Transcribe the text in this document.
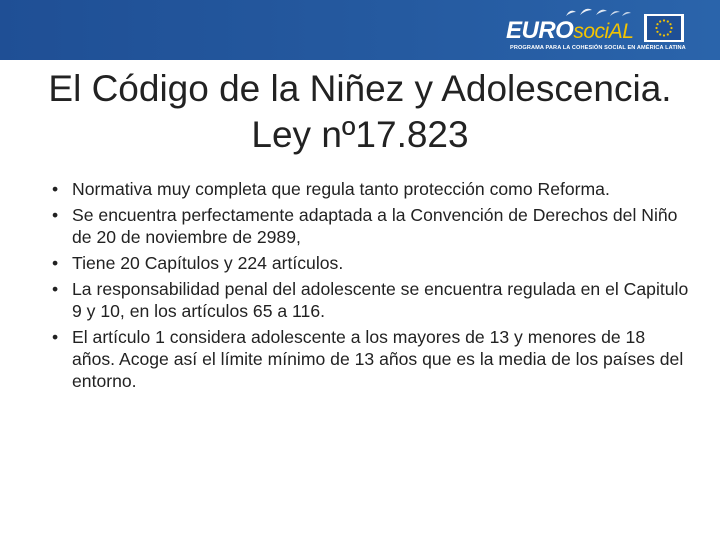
EUROsociAL
PROGRAMA PARA LA COHESIÓN SOCIAL EN AMÉRICA LATINA
El Código de la Niñez y Adolescencia. Ley nº17.823
• Normativa muy completa que regula tanto protección como Reforma.
• Se encuentra perfectamente adaptada a la Convención de Derechos del Niño de 20 de noviembre de 2989,
• Tiene 20 Capítulos y 224 artículos.
• La responsabilidad penal del adolescente se encuentra regulada en el Capitulo 9 y 10, en los artículos 65 a 116.
• El artículo 1 considera adolescente a los mayores de 13 y menores de 18 años. Acoge así el límite mínimo de 13 años que es la media de los países del entorno.
